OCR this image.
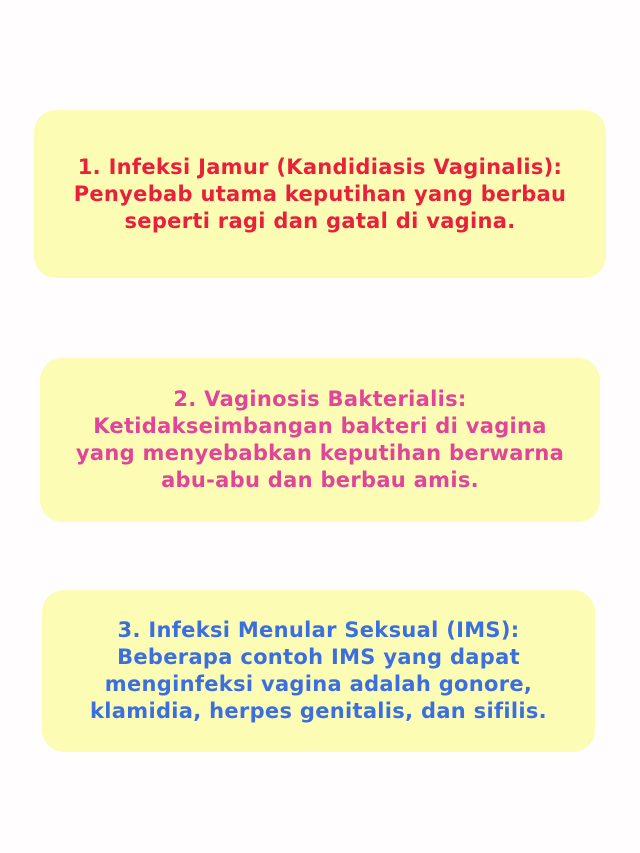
1. Infeksi Jamur (Kandidiasis Vaginalis):
Penyebab utama keputihan yang berbau
seperti ragi dan gatal di vagina.

2. Vaginosis Bakterialis:
Ketidakseimbangan bakteri di vagina
yang menyebabkan keputihan berwarna
abu-abu dan berbau amis.

3. Infeksi Menular Seksual (IMS):
Beberapa contoh IMS yang dapat
menginfeksi vagina adalah gonore,
klamidia, herpes genitalis, dan sifilis.
